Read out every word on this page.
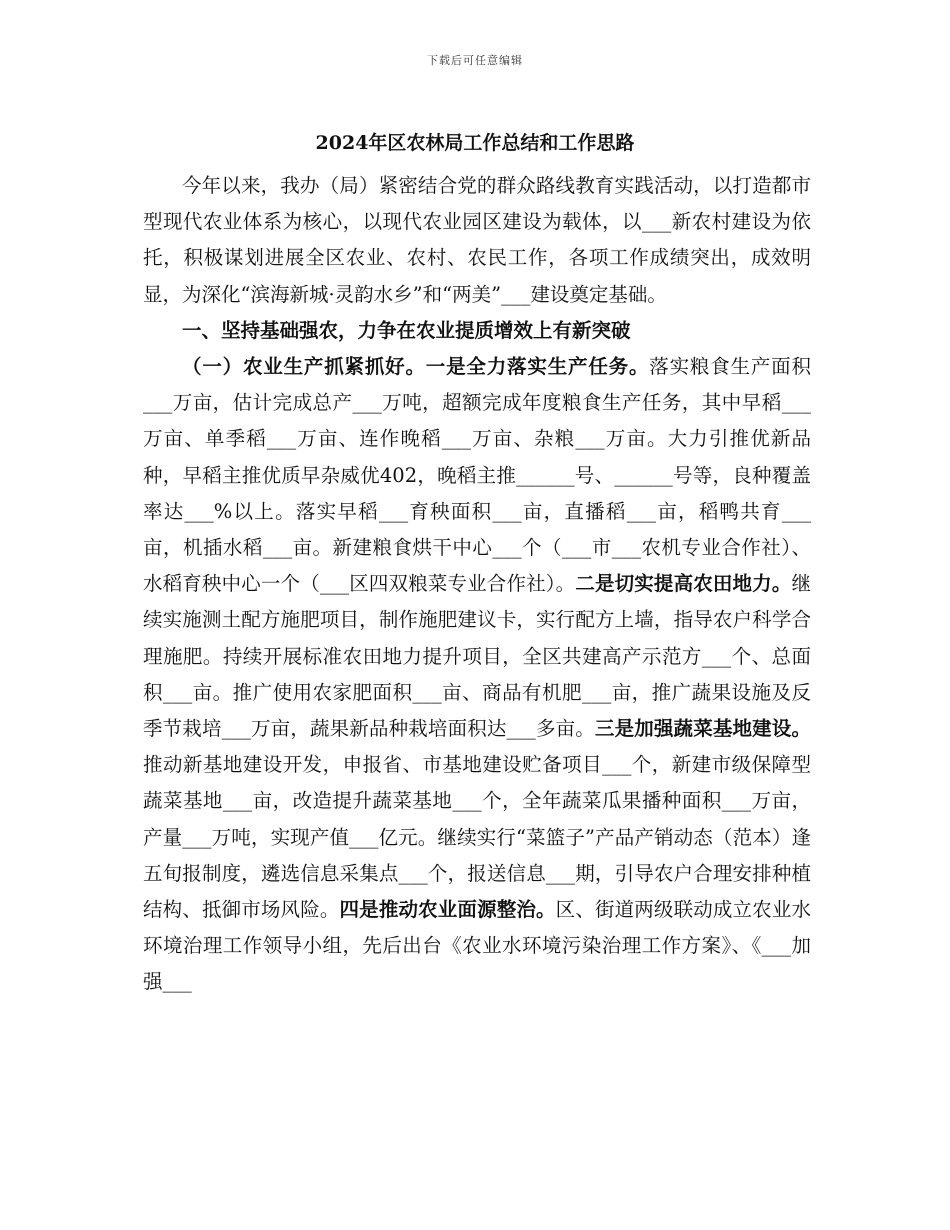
下载后可任意编辑
2024年区农林局工作总结和工作思路

今年以来，我办（局）紧密结合党的群众路线教育实践活动，以打造都市型现代农业体系为核心，以现代农业园区建设为载体，以___新农村建设为依托，积极谋划进展全区农业、农村、农民工作，各项工作成绩突出，成效明显，为深化“滨海新城·灵韵水乡”和“两美”___建设奠定基础。

一、坚持基础强农，力争在农业提质增效上有新突破

（一）农业生产抓紧抓好。一是全力落实生产任务。落实粮食生产面积___万亩，估计完成总产___万吨，超额完成年度粮食生产任务，其中早稻___万亩、单季稻___万亩、连作晚稻___万亩、杂粮___万亩。大力引推优新品种，早稻主推优质早杂威优402，晚稻主推______号、______号等，良种覆盖率达___%以上。落实早稻___育秧面积___亩，直播稻___亩，稻鸭共育___亩，机插水稻___亩。新建粮食烘干中心___个（___市___农机专业合作社）、水稻育秧中心一个（___区四双粮菜专业合作社）。二是切实提高农田地力。继续实施测土配方施肥项目，制作施肥建议卡，实行配方上墙，指导农户科学合理施肥。持续开展标准农田地力提升项目，全区共建高产示范方___个、总面积___亩。推广使用农家肥面积___亩、商品有机肥___亩，推广蔬果设施及反季节栽培___万亩，蔬果新品种栽培面积达___多亩。三是加强蔬菜基地建设。推动新基地建设开发，申报省、市基地建设贮备项目___个，新建市级保障型蔬菜基地___亩，改造提升蔬菜基地___个，全年蔬菜瓜果播种面积___万亩，产量___万吨，实现产值___亿元。继续实行“菜篮子”产品产销动态（范本）逢五旬报制度，遴选信息采集点___个，报送信息___期，引导农户合理安排种植结构、抵御市场风险。四是推动农业面源整治。区、街道两级联动成立农业水环境治理工作领导小组，先后出台《农业水环境污染治理工作方案》、《___加强___
